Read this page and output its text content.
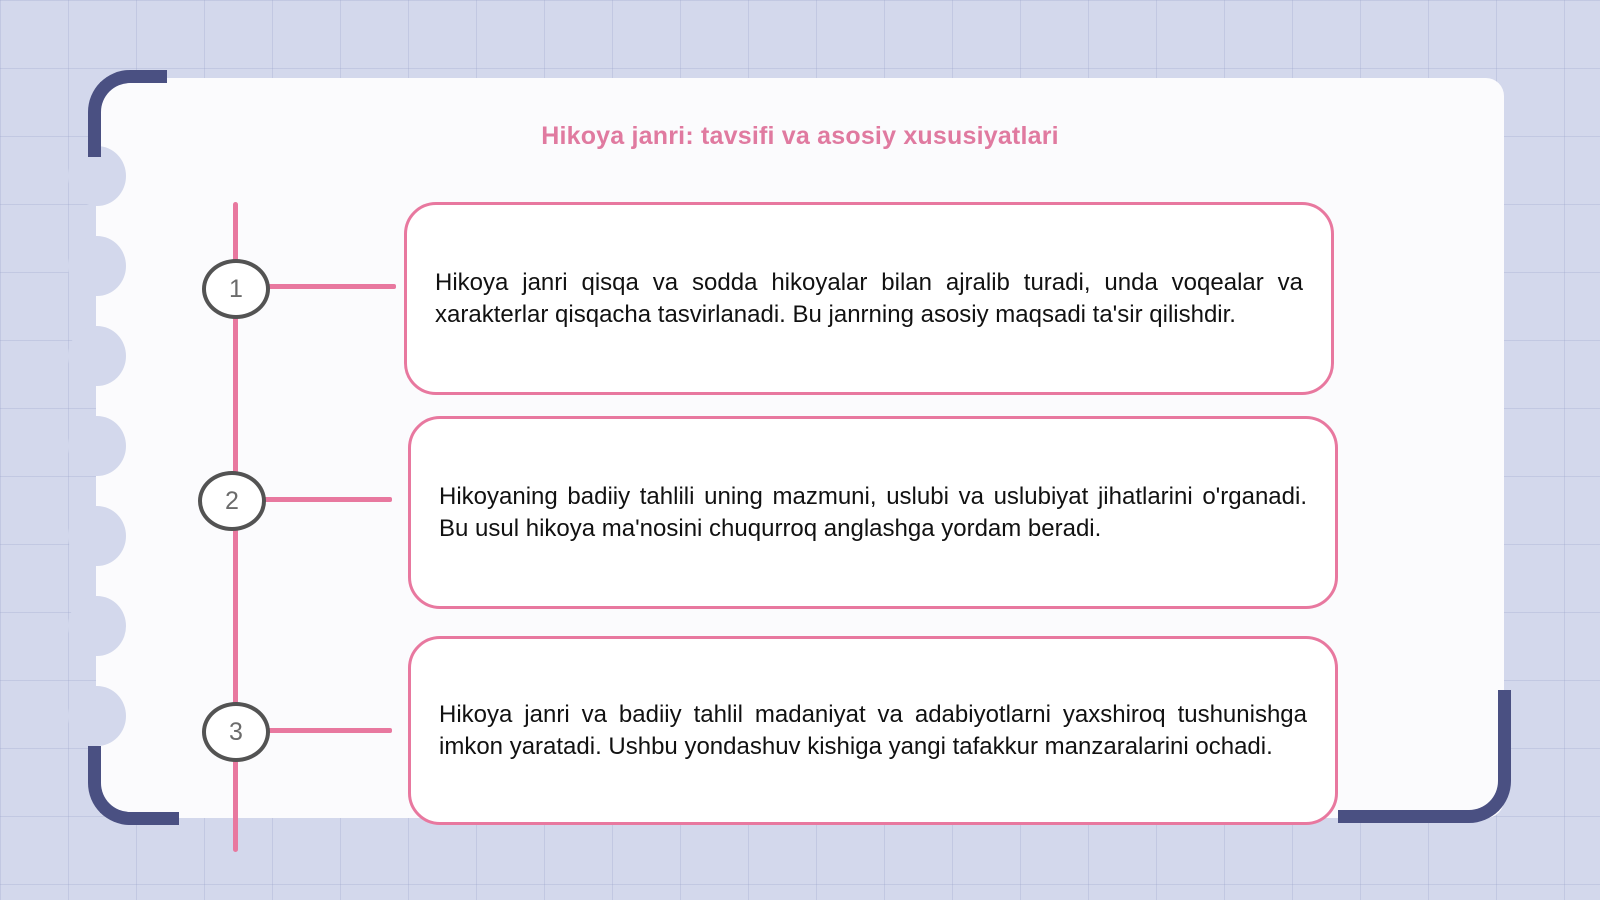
Hikoya janri: tavsifi va asosiy xususiyatlari
1
2
3

Hikoya janri qisqa va sodda hikoyalar bilan ajralib turadi, unda voqealar va xarakterlar qisqacha tasvirlanadi. Bu janrning asosiy maqsadi ta'sir qilishdir.

Hikoyaning badiiy tahlili uning mazmuni, uslubi va uslubiyat jihatlarini o'rganadi. Bu usul hikoya ma'nosini chuqurroq anglashga yordam beradi.

Hikoya janri va badiiy tahlil madaniyat va adabiyotlarni yaxshiroq tushunishga imkon yaratadi. Ushbu yondashuv kishiga yangi tafakkur manzaralarini ochadi.
